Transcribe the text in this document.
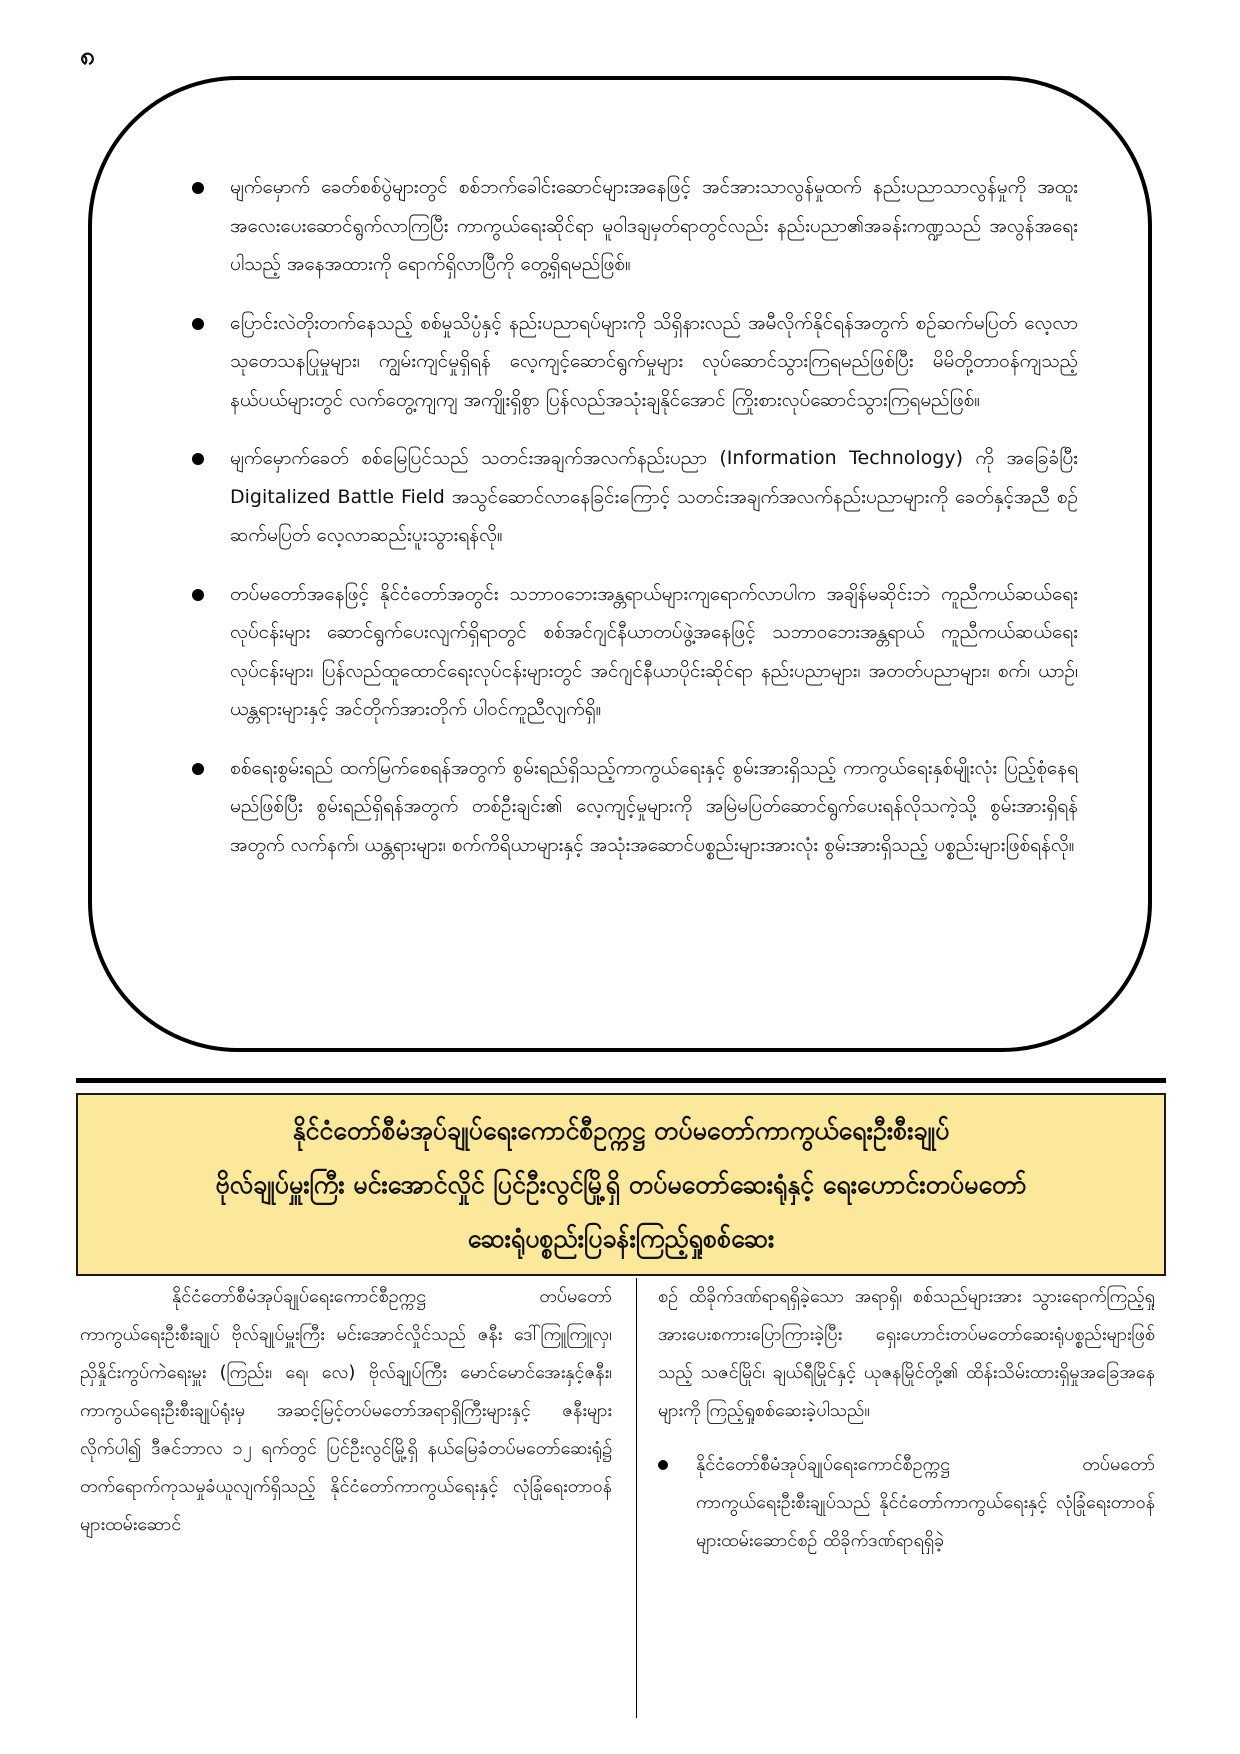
၈
မျက်မှောက် ခေတ်စစ်ပွဲများတွင် စစ်ဘက်ခေါင်းဆောင်များအနေဖြင့် အင်အားသာလွန်မှုထက် နည်းပညာသာလွန်မှုကို အထူးအလေးပေးဆောင်ရွက်လာကြပြီး ကာကွယ်ရေးဆိုင်ရာ မူဝါဒချမှတ်ရာတွင်လည်း နည်းပညာ၏အခန်းကဏ္ဍသည် အလွန်အရေးပါသည့် အနေအထားကို ရောက်ရှိလာပြီကို တွေ့ရှိရမည်ဖြစ်။
ပြောင်းလဲတိုးတက်နေသည့် စစ်မှုသိပ္ပံနှင့် နည်းပညာရပ်များကို သိရှိနားလည် အမီလိုက်နိုင်ရန်အတွက် စဉ်ဆက်မပြတ် လေ့လာသုတေသနပြုမှုများ၊ ကျွမ်းကျင်မှုရှိရန် လေ့ကျင့်ဆောင်ရွက်မှုများ လုပ်ဆောင်သွားကြရမည်ဖြစ်ပြီး မိမိတို့တာဝန်ကျသည့် နယ်ပယ်များတွင် လက်တွေ့ကျကျ အကျိုးရှိစွာ ပြန်လည်အသုံးချနိုင်အောင် ကြိုးစားလုပ်ဆောင်သွားကြရမည်ဖြစ်။
မျက်မှောက်ခေတ် စစ်မြေပြင်သည် သတင်းအချက်အလက်နည်းပညာ (Information Technology) ကို အခြေခံပြီး Digitalized Battle Field အသွင်ဆောင်လာနေခြင်းကြောင့် သတင်းအချက်အလက်နည်းပညာများကို ခေတ်နှင့်အညီ စဉ်ဆက်မပြတ် လေ့လာဆည်းပူးသွားရန်လို။
တပ်မတော်အနေဖြင့် နိုင်ငံတော်အတွင်း သဘာဝဘေးအန္တရာယ်များကျရောက်လာပါက အချိန်မဆိုင်းဘဲ ကူညီကယ်ဆယ်ရေးလုပ်ငန်းများ ဆောင်ရွက်ပေးလျက်ရှိရာတွင် စစ်အင်ဂျင်နီယာတပ်ဖွဲ့အနေဖြင့် သဘာဝဘေးအန္တရာယ် ကူညီကယ်ဆယ်ရေးလုပ်ငန်းများ၊ ပြန်လည်ထူထောင်ရေးလုပ်ငန်းများတွင် အင်ဂျင်နီယာပိုင်းဆိုင်ရာ နည်းပညာများ၊ အတတ်ပညာများ၊ စက်၊ ယာဉ်၊ ယန္တရားများနှင့် အင်တိုက်အားတိုက် ပါဝင်ကူညီလျက်ရှိ။
စစ်ရေးစွမ်းရည် ထက်မြက်စေရန်အတွက် စွမ်းရည်ရှိသည့်ကာကွယ်ရေးနှင့် စွမ်းအားရှိသည့် ကာကွယ်ရေးနှစ်မျိုးလုံး ပြည့်စုံနေရမည်ဖြစ်ပြီး စွမ်းရည်ရှိရန်အတွက် တစ်ဦးချင်း၏ လေ့ကျင့်မှုများကို အမြဲမပြတ်ဆောင်ရွက်ပေးရန်လိုသကဲ့သို့ စွမ်းအားရှိရန်အတွက် လက်နက်၊ ယန္တရားများ၊ စက်ကိရိယာများနှင့် အသုံးအဆောင်ပစ္စည်းများအားလုံး စွမ်းအားရှိသည့် ပစ္စည်းများဖြစ်ရန်လို။
နိုင်ငံတော်စီမံအုပ်ချုပ်ရေးကောင်စီဥက္ကဋ္ဌ တပ်မတော်ကာကွယ်ရေးဦးစီးချုပ်
ဗိုလ်ချုပ်မှူးကြီး မင်းအောင်လှိုင် ပြင်ဦးလွင်မြို့ရှိ တပ်မတော်ဆေးရုံနှင့် ရေးဟောင်းတပ်မတော်
ဆေးရုံပစ္စည်းပြခန်းကြည့်ရှုစစ်ဆေး

နိုင်ငံတော်စီမံအုပ်ချုပ်ရေးကောင်စီဥက္ကဋ္ဌ တပ်မတော်ကာကွယ်ရေးဦးစီးချုပ် ဗိုလ်ချုပ်မှူးကြီး မင်းအောင်လှိုင်သည် ဇနီး ဒေါ်ကြူကြူလှ၊ ညှိနှိုင်းကွပ်ကဲရေးမှူး (ကြည်း၊ ရေ၊ လေ) ဗိုလ်ချုပ်ကြီး မောင်မောင်အေးနှင့်ဇနီး၊ ကာကွယ်ရေးဦးစီးချုပ်ရုံးမှ အဆင့်မြင့်တပ်မတော်အရာရှိကြီးများနှင့် ဇနီးများလိုက်ပါ၍ ဒီဇင်ဘာလ ၁၂ ရက်တွင် ပြင်ဦးလွင်မြို့ရှိ နယ်မြေခံတပ်မတော်ဆေးရုံ၌ တက်ရောက်ကုသမှုခံယူလျက်ရှိသည့် နိုင်ငံတော်ကာကွယ်ရေးနှင့် လုံခြုံရေးတာဝန်များထမ်းဆောင်

စဉ် ထိခိုက်ဒဏ်ရာရရှိခဲ့သော အရာရှိ၊ စစ်သည်များအား သွားရောက်ကြည့်ရှုအားပေးစကားပြောကြားခဲ့ပြီး ရှေးဟောင်းတပ်မတော်ဆေးရုံပစ္စည်းများဖြစ်သည့် သဇင်မြိုင်၊ ချယ်ရီမြိုင်နှင့် ယုဇနမြိုင်တို့၏ ထိန်းသိမ်းထားရှိမှုအခြေအနေများကို ကြည့်ရှုစစ်ဆေးခဲ့ပါသည်။

နိုင်ငံတော်စီမံအုပ်ချုပ်ရေးကောင်စီဥက္ကဋ္ဌ တပ်မတော်ကာကွယ်ရေးဦးစီးချုပ်သည် နိုင်ငံတော်ကာကွယ်ရေးနှင့် လုံခြုံရေးတာဝန်များထမ်းဆောင်စဉ် ထိခိုက်ဒဏ်ရာရရှိခဲ့
